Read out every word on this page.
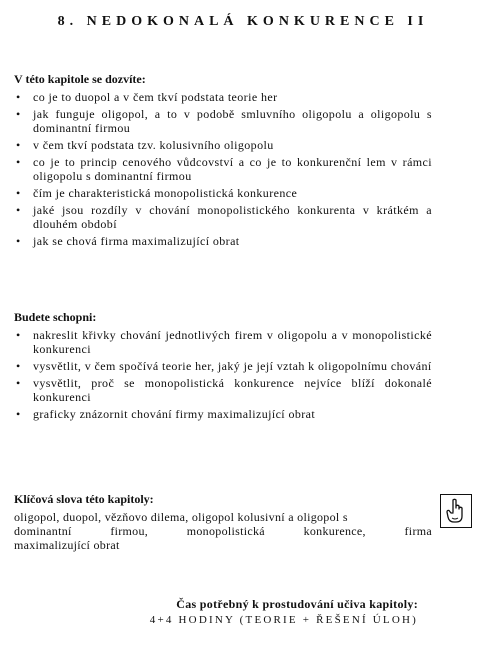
8. NEDOKONALÁ KONKURENCE II

V této kapitole se dozvíte:

• co je to duopol a v čem tkví podstata teorie her
• jak funguje oligopol, a to v podobě smluvního oligopolu a oligopolu s dominantní firmou
• v čem tkví podstata tzv. kolusivního oligopolu
• co je to princip cenového vůdcovství a co je to konkurenční lem v rámci oligopolu s dominantní firmou
• čím je charakteristická monopolistická konkurence
• jaké jsou rozdíly v chování monopolistického konkurenta v krátkém a dlouhém období
• jak se chová firma maximalizující obrat

Budete schopni:

• nakreslit křivky chování jednotlivých firem v oligopolu a v monopolistické konkurenci
• vysvětlit, v čem spočívá teorie her, jaký je její vztah k oligopolnímu chování
• vysvětlit, proč se monopolistická konkurence nejvíce blíží dokonalé konkurenci
• graficky znázornit chování firmy maximalizující obrat

Klíčová slova této kapitoly:

oligopol, duopol, vězňovo dilema, oligopol kolusivní a oligopol s
dominantní firmou, monopolistická konkurence, firma
maximalizující obrat

Čas potřebný k prostudování učiva kapitoly:

4+4 HODINY (TEORIE + ŘEŠENÍ ÚLOH)
